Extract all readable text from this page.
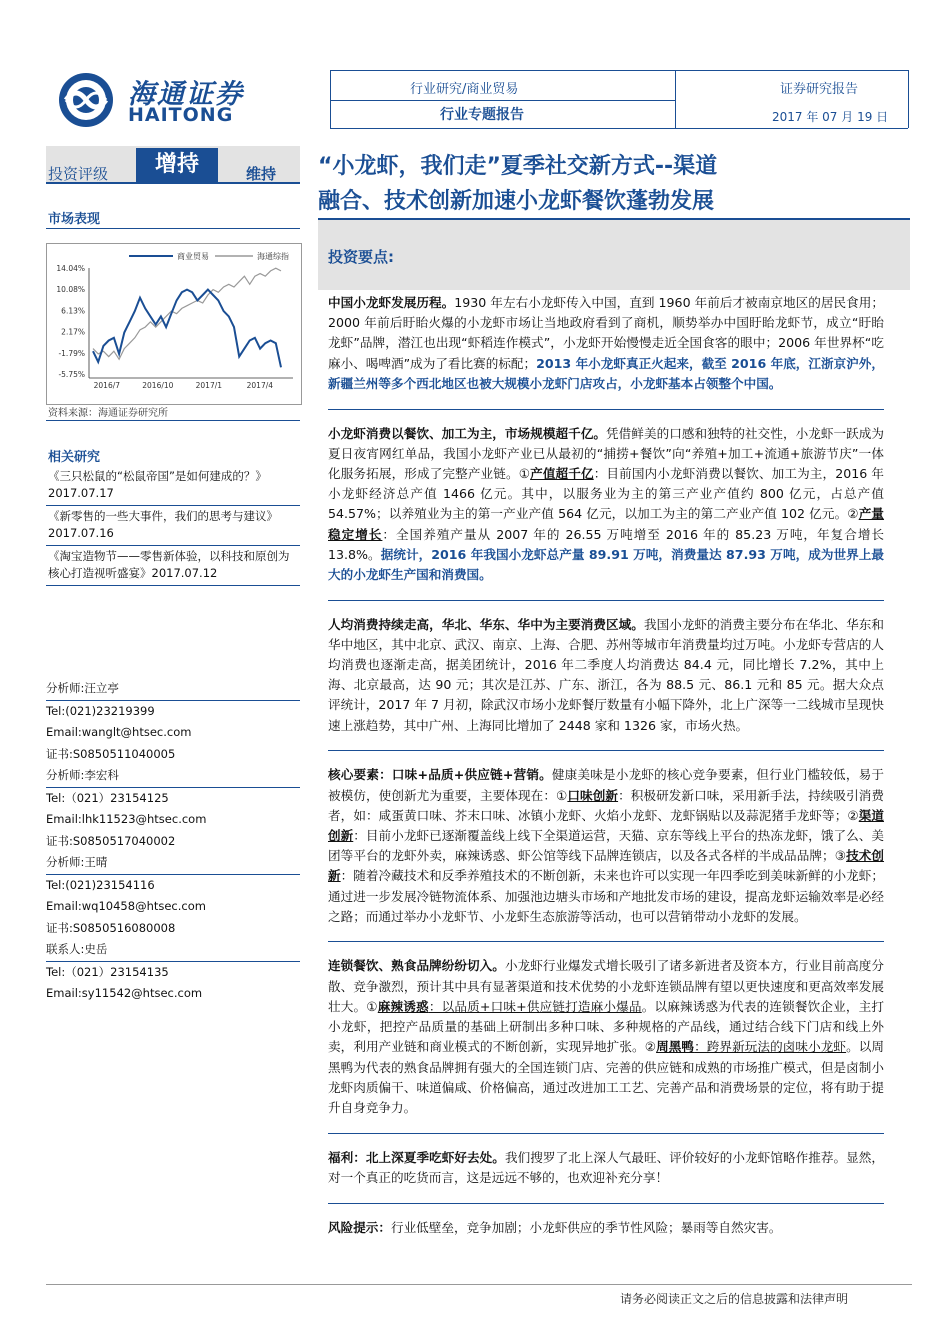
海通证券
HAITONG
行业研究/商业贸易
行业专题报告
证券研究报告
2017 年 07 月 19 日
投资评级	增持	维持 “小龙虾，我们走”夏季社交新方式--渠道
融合、技术创新加速小龙虾餐饮蓬勃发展
市场表现
商业贸易	海通综指
14.04%
10.08%
6.13%
2.17%
-1.79%
-5.75%
2016/7	2016/10	2017/1	2017/4
资料来源：海通证券研究所
相关研究
《三只松鼠的“松鼠帝国”是如何建成的？》2017.07.17
《新零售的一些大事件，我们的思考与建议》2017.07.16
《淘宝造物节——零售新体验，以科技和原创为核心打造视听盛宴》2017.07.12
分析师:汪立亭
Tel:(021)23219399
Email:wanglt@htsec.com
证书:S0850511040005
分析师:李宏科
Tel:（021）23154125
Email:lhk11523@htsec.com
证书:S0850517040002
分析师:王晴
Tel:(021)23154116
Email:wq10458@htsec.com
证书:S0850516080008
联系人:史岳
Tel:（021）23154135
Email:sy11542@htsec.com
投资要点:

中国小龙虾发展历程。1930 年左右小龙虾传入中国，直到 1960 年前后才被南京地区的居民食用；2000 年前后盱眙火爆的小龙虾市场让当地政府看到了商机，顺势举办中国盱眙龙虾节，成立“盱眙龙虾”品牌，潜江也出现“虾稻连作模式”，小龙虾开始慢慢走近全国食客的眼中；2006 年世界杯“吃麻小、喝啤酒”成为了看比赛的标配；2013 年小龙虾真正火起来，截至 2016 年底，江浙京沪外，新疆兰州等多个西北地区也被大规模小龙虾门店攻占，小龙虾基本占领整个中国。

小龙虾消费以餐饮、加工为主，市场规模超千亿。凭借鲜美的口感和独特的社交性，小龙虾一跃成为夏日夜宵网红单品，我国小龙虾产业已从最初的“捕捞+餐饮”向“养殖+加工+流通+旅游节庆”一体化服务拓展，形成了完整产业链。①产值超千亿：目前国内小龙虾消费以餐饮、加工为主，2016 年小龙虾经济总产值 1466 亿元。其中，以服务业为主的第三产业产值约 800 亿元，占总产值 54.57%；以养殖业为主的第一产业产值 564 亿元，以加工为主的第二产业产值 102 亿元。②产量稳定增长：全国养殖产量从 2007 年的 26.55 万吨增至 2016 年的 85.23 万吨，年复合增长 13.8%。据统计，2016 年我国小龙虾总产量 89.91 万吨，消费量达 87.93 万吨，成为世界上最大的小龙虾生产国和消费国。

人均消费持续走高，华北、华东、华中为主要消费区域。我国小龙虾的消费主要分布在华北、华东和华中地区，其中北京、武汉、南京、上海、合肥、苏州等城市年消费量均过万吨。小龙虾专营店的人均消费也逐渐走高，据美团统计，2016 年二季度人均消费达 84.4 元，同比增长 7.2%，其中上海、北京最高，达 90 元；其次是江苏、广东、浙江，各为 88.5 元、86.1 元和 85 元。据大众点评统计，2017 年 7 月初，除武汉市场小龙虾餐厅数量有小幅下降外，北上广深等一二线城市呈现快速上涨趋势，其中广州、上海同比增加了 2448 家和 1326 家，市场火热。

核心要素：口味+品质+供应链+营销。健康美味是小龙虾的核心竞争要素，但行业门槛较低，易于被模仿，使创新尤为重要，主要体现在：①口味创新：积极研发新口味，采用新手法，持续吸引消费者，如：咸蛋黄口味、芥末口味、冰镇小龙虾、火焰小龙虾、龙虾锅贴以及蒜泥猪手龙虾等；②渠道创新：目前小龙虾已逐渐覆盖线上线下全渠道运营，天猫、京东等线上平台的热冻龙虾，饿了么、美团等平台的龙虾外卖，麻辣诱惑、虾公馆等线下品牌连锁店，以及各式各样的半成品品牌；③技术创新：随着冷藏技术和反季养殖技术的不断创新，未来也许可以实现一年四季吃到美味新鲜的小龙虾；通过进一步发展冷链物流体系、加强池边塘头市场和产地批发市场的建设，提高龙虾运输效率是必经之路；而通过举办小龙虾节、小龙虾生态旅游等活动，也可以营销带动小龙虾的发展。

连锁餐饮、熟食品牌纷纷切入。小龙虾行业爆发式增长吸引了诸多新进者及资本方，行业目前高度分散、竞争激烈，预计其中具有显著渠道和技术优势的小龙虾连锁品牌有望以更快速度和更高效率发展壮大。①麻辣诱惑：以品质+口味+供应链打造麻小爆品。以麻辣诱惑为代表的连锁餐饮企业，主打小龙虾，把控产品质量的基础上研制出多种口味、多种规格的产品线，通过结合线下门店和线上外卖，利用产业链和商业模式的不断创新，实现异地扩张。②周黑鸭：跨界新玩法的卤味小龙虾。以周黑鸭为代表的熟食品牌拥有强大的全国连锁门店、完善的供应链和成熟的市场推广模式，但是卤制小龙虾肉质偏干、味道偏咸、价格偏高，通过改进加工工艺、完善产品和消费场景的定位，将有助于提升自身竞争力。

福利：北上深夏季吃虾好去处。我们搜罗了北上深人气最旺、评价较好的小龙虾馆略作推荐。显然，对一个真正的吃货而言，这是远远不够的，也欢迎补充分享！

风险提示：行业低壁垒，竞争加剧；小龙虾供应的季节性风险；暴雨等自然灾害。

请务必阅读正文之后的信息披露和法律声明
